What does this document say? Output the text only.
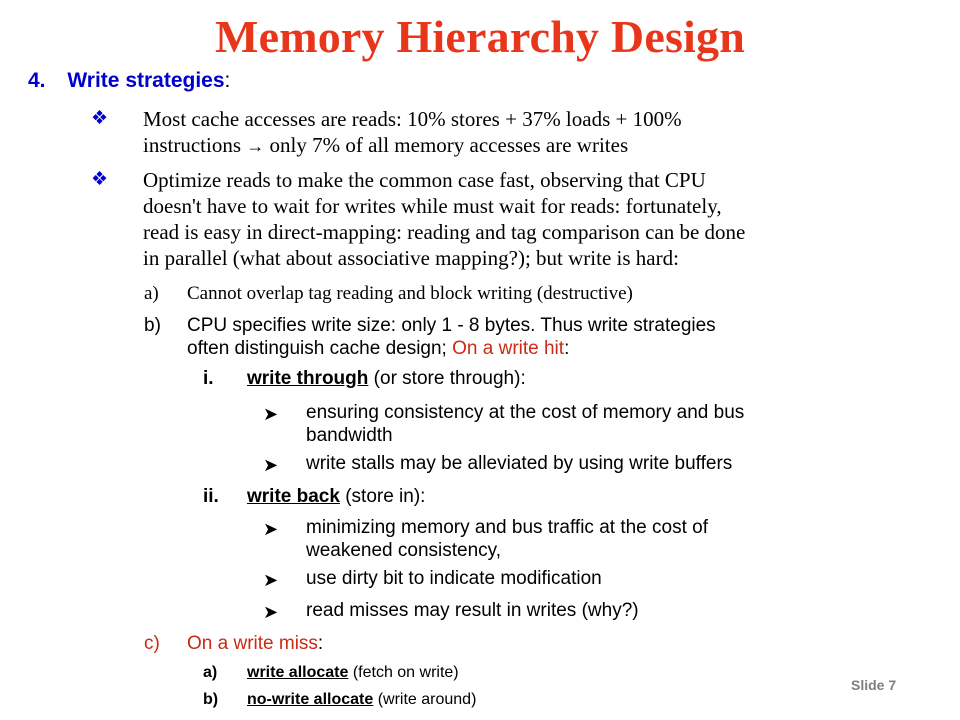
Memory Hierarchy Design
4. Write strategies:
❖ Most cache accesses are reads: 10% stores + 37% loads + 100%
instructions → only 7% of all memory accesses are writes
❖ Optimize reads to make the common case fast, observing that CPU
doesn't have to wait for writes while must wait for reads: fortunately,
read is easy in direct-mapping: reading and tag comparison can be done
in parallel (what about associative mapping?); but write is hard:
a) Cannot overlap tag reading and block writing (destructive)
b) CPU specifies write size: only 1 - 8 bytes. Thus write strategies
often distinguish cache design; On a write hit:
i. write through (or store through):
➤ ensuring consistency at the cost of memory and bus
bandwidth
➤ write stalls may be alleviated by using write buffers
ii. write back (store in):
➤ minimizing memory and bus traffic at the cost of
weakened consistency,
➤ use dirty bit to indicate modification
➤ read misses may result in writes (why?)
c) On a write miss:
a) write allocate (fetch on write)
b) no-write allocate (write around)
Slide 7
